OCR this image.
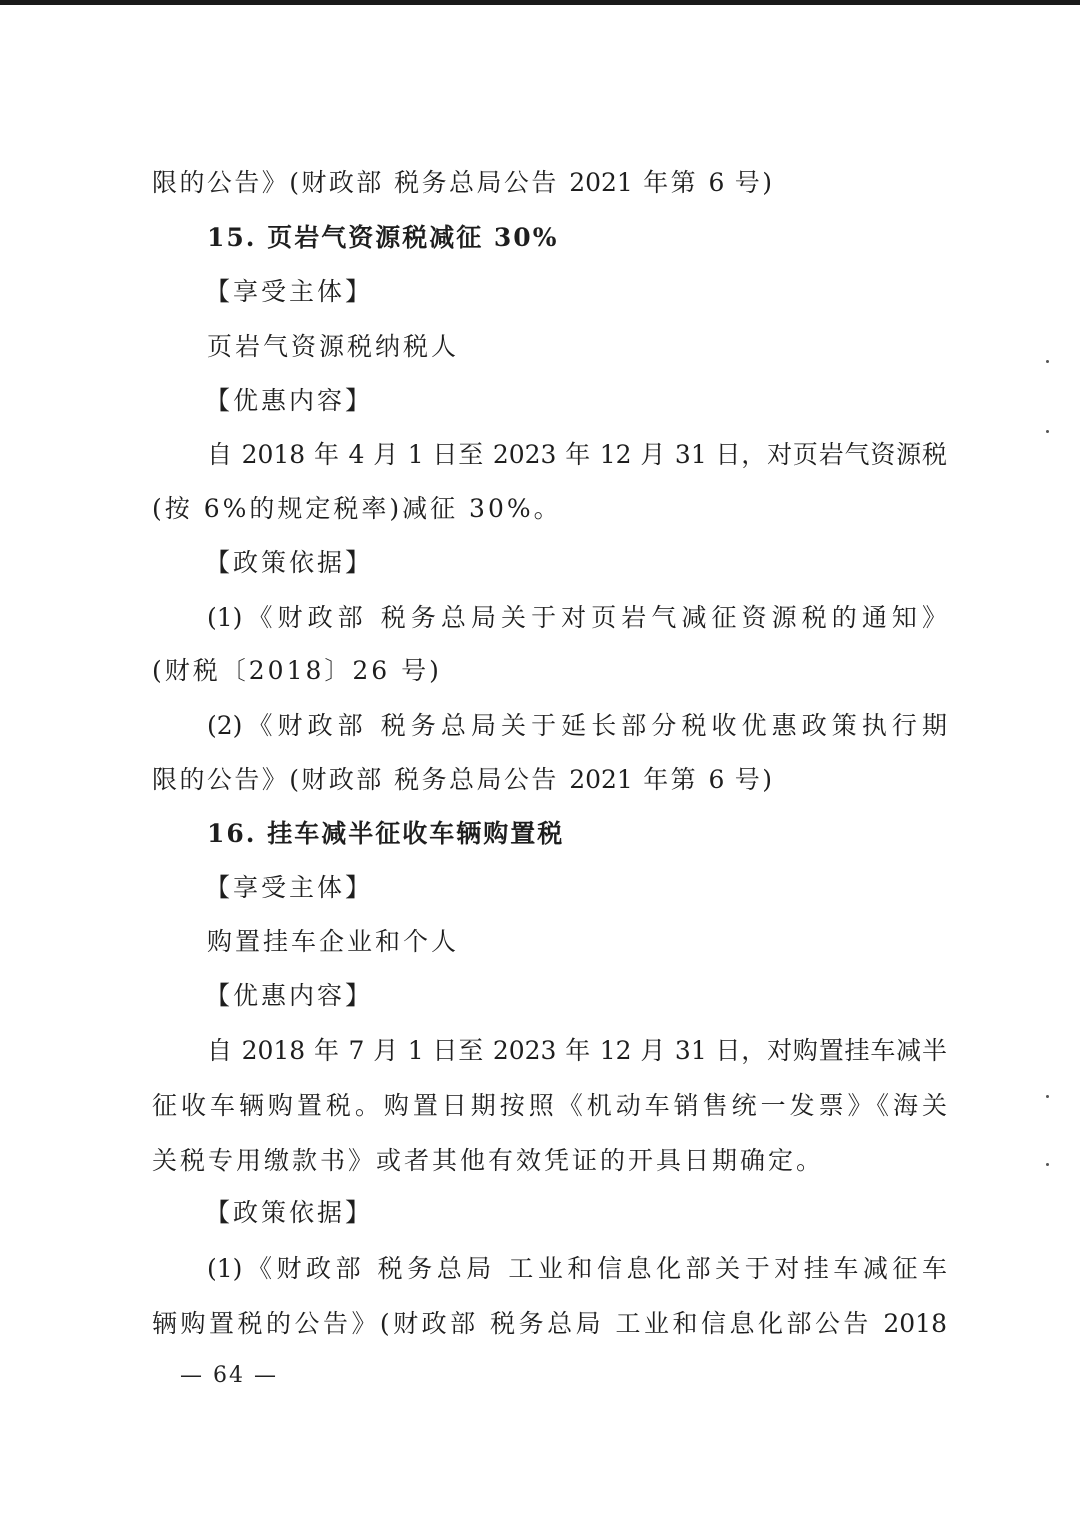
限的公告》(财政部 税务总局公告 2021 年第 6 号)
15. 页岩气资源税减征 30%
【享受主体】
页岩气资源税纳税人
【优惠内容】
自 2018 年 4 月 1 日至 2023 年 12 月 31 日，对页岩气资源税
(按 6%的规定税率)减征 30%。
【政策依据】
(1)《财政部 税务总局关于对页岩气减征资源税的通知》
(财税〔2018〕26 号)
(2)《财政部 税务总局关于延长部分税收优惠政策执行期
限的公告》(财政部 税务总局公告 2021 年第 6 号)
16. 挂车减半征收车辆购置税
【享受主体】
购置挂车企业和个人
【优惠内容】
自 2018 年 7 月 1 日至 2023 年 12 月 31 日，对购置挂车减半
征收车辆购置税。购置日期按照《机动车销售统一发票》《海关
关税专用缴款书》或者其他有效凭证的开具日期确定。
【政策依据】
(1)《财政部 税务总局 工业和信息化部关于对挂车减征车
辆购置税的公告》(财政部 税务总局 工业和信息化部公告 2018
— 64 —
